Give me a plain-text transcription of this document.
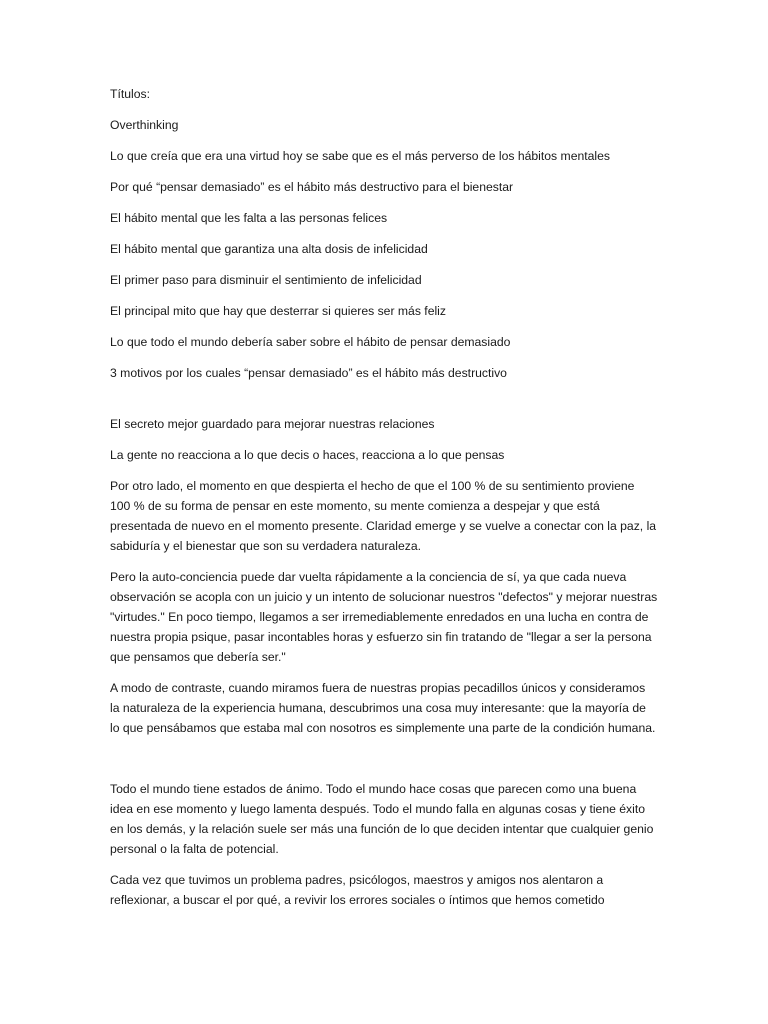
Títulos:

Overthinking

Lo que creía que era una virtud hoy se sabe que es el más perverso de los hábitos mentales

Por qué “pensar demasiado” es el hábito más destructivo para el bienestar

El hábito mental que les falta a las personas felices

El hábito mental que garantiza una alta dosis de infelicidad

El primer paso para disminuir el sentimiento de infelicidad

El principal mito que hay que desterrar si quieres ser más feliz

Lo que todo el mundo debería saber sobre el hábito de pensar demasiado

3 motivos por los cuales “pensar demasiado” es el hábito más destructivo

El secreto mejor guardado para mejorar nuestras relaciones

La gente no reacciona a lo que decis o haces, reacciona a lo que pensas

Por otro lado, el momento en que despierta el hecho de que el 100 % de su sentimiento proviene 100 % de su forma de pensar en este momento, su mente comienza a despejar y que está presentada de nuevo en el momento presente. Claridad emerge y se vuelve a conectar con la paz, la sabiduría y el bienestar que son su verdadera naturaleza.

Pero la auto-conciencia puede dar vuelta rápidamente a la conciencia de sí, ya que cada nueva observación se acopla con un juicio y un intento de solucionar nuestros "defectos" y mejorar nuestras "virtudes." En poco tiempo, llegamos a ser irremediablemente enredados en una lucha en contra de nuestra propia psique, pasar incontables horas y esfuerzo sin fin tratando de "llegar a ser la persona que pensamos que debería ser."

A modo de contraste, cuando miramos fuera de nuestras propias pecadillos únicos y consideramos la naturaleza de la experiencia humana, descubrimos una cosa muy interesante: que la mayoría de lo que pensábamos que estaba mal con nosotros es simplemente una parte de la condición humana.

Todo el mundo tiene estados de ánimo. Todo el mundo hace cosas que parecen como una buena idea en ese momento y luego lamenta después. Todo el mundo falla en algunas cosas y tiene éxito en los demás, y la relación suele ser más una función de lo que deciden intentar que cualquier genio personal o la falta de potencial.

Cada vez que tuvimos un problema padres, psicólogos, maestros y amigos nos alentaron a reflexionar, a buscar el por qué, a revivir los errores sociales o íntimos que hemos cometido
